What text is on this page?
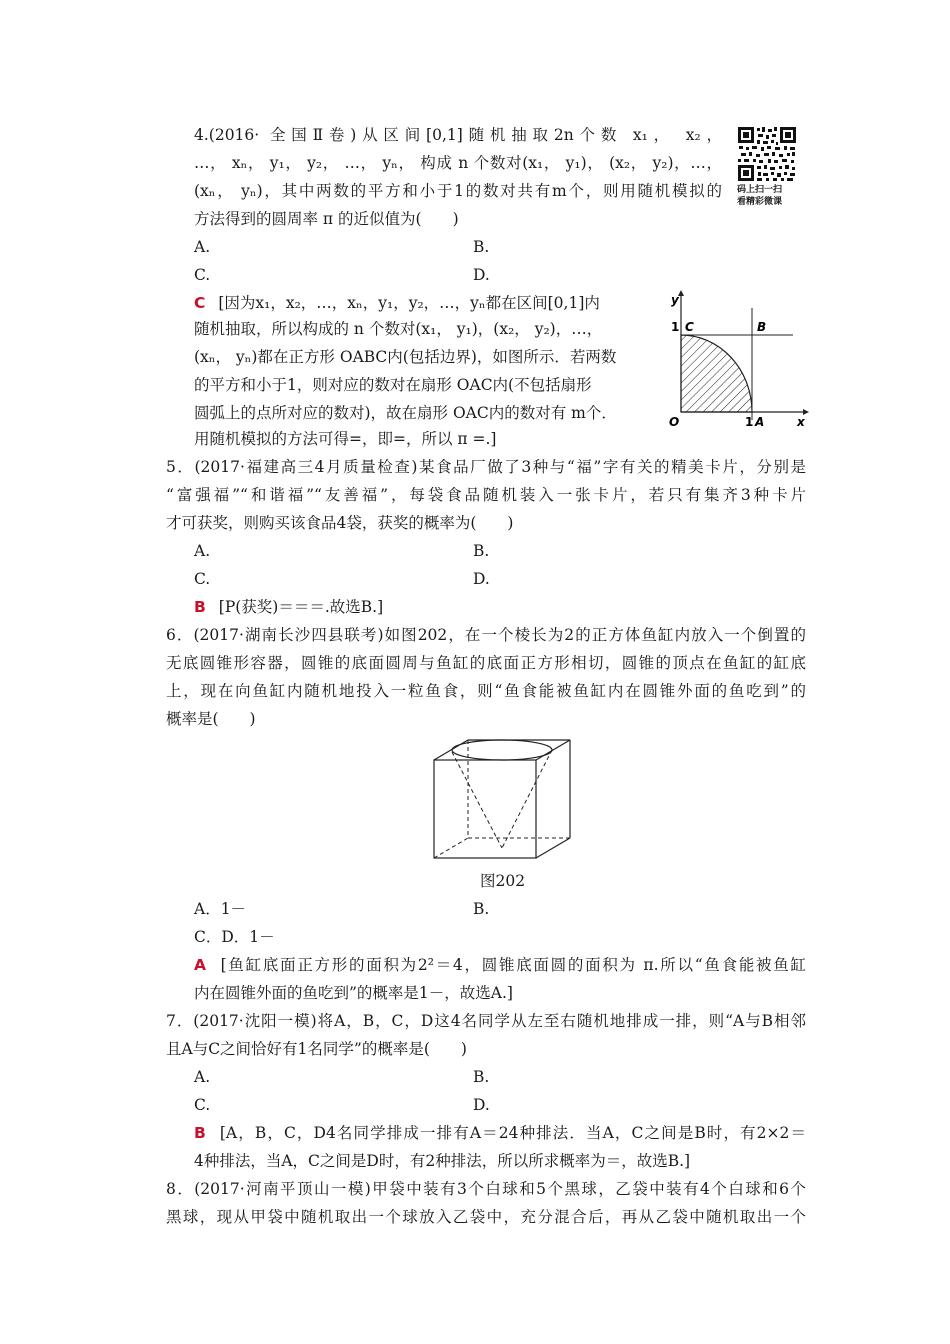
4.(2016· 全国Ⅱ卷)从区间[0,1]随机抽取2n个数 x₁， x₂，
…， xₙ， y₁， y₂， …， yₙ， 构成 n 个数对(x₁， y₁)， (x₂， y₂)，…，
(xₙ， yₙ)，其中两数的平方和小于1的数对共有m个，则用随机模拟的
方法得到的圆周率 π 的近似值为(　　)
码上扫一扫
看精彩微课
A.	B.
C.	D.
C [因为x₁，x₂，…，xₙ，y₁，y₂，…，yₙ都在区间[0,1]内
随机抽取，所以构成的 n 个数对(x₁， y₁)，(x₂， y₂)，…，
(xₙ， yₙ)都在正方形 OABC内(包括边界)，如图所示．若两数
的平方和小于1，则对应的数对在扇形 OAC内(不包括扇形
圆弧上的点所对应的数对)，故在扇形 OAC内的数对有 m个．
用随机模拟的方法可得=，即=，所以 π =.]
y
x
O
1 C	B
1 A
5．(2017·福建高三4月质量检查)某食品厂做了3种与“福”字有关的精美卡片，分别是
“富强福”“和谐福”“友善福”，每袋食品随机装入一张卡片，若只有集齐3种卡片
才可获奖，则购买该食品4袋，获奖的概率为(　　)
A.	B.
C.	D.
B [P(获奖)＝＝＝.故选B.]
6．(2017·湖南长沙四县联考)如图202，在一个棱长为2的正方体鱼缸内放入一个倒置的
无底圆锥形容器，圆锥的底面圆周与鱼缸的底面正方形相切，圆锥的顶点在鱼缸的缸底
上，现在向鱼缸内随机地投入一粒鱼食，则“鱼食能被鱼缸内在圆锥外面的鱼吃到”的
概率是(　　)
图202
A．1－	B.
C．D．1－
A [鱼缸底面正方形的面积为2²＝4，圆锥底面圆的面积为 π.所以“鱼食能被鱼缸
内在圆锥外面的鱼吃到”的概率是1－，故选A.]
7．(2017·沈阳一模)将A，B，C，D这4名同学从左至右随机地排成一排，则“A与B相邻
且A与C之间恰好有1名同学”的概率是(　　)
A.	B.
C.	D.
B [A，B，C，D4名同学排成一排有A＝24种排法．当A，C之间是B时，有2×2＝
4种排法，当A，C之间是D时，有2种排法，所以所求概率为＝，故选B.]
8．(2017·河南平顶山一模)甲袋中装有3个白球和5个黑球，乙袋中装有4个白球和6个
黑球，现从甲袋中随机取出一个球放入乙袋中，充分混合后，再从乙袋中随机取出一个
